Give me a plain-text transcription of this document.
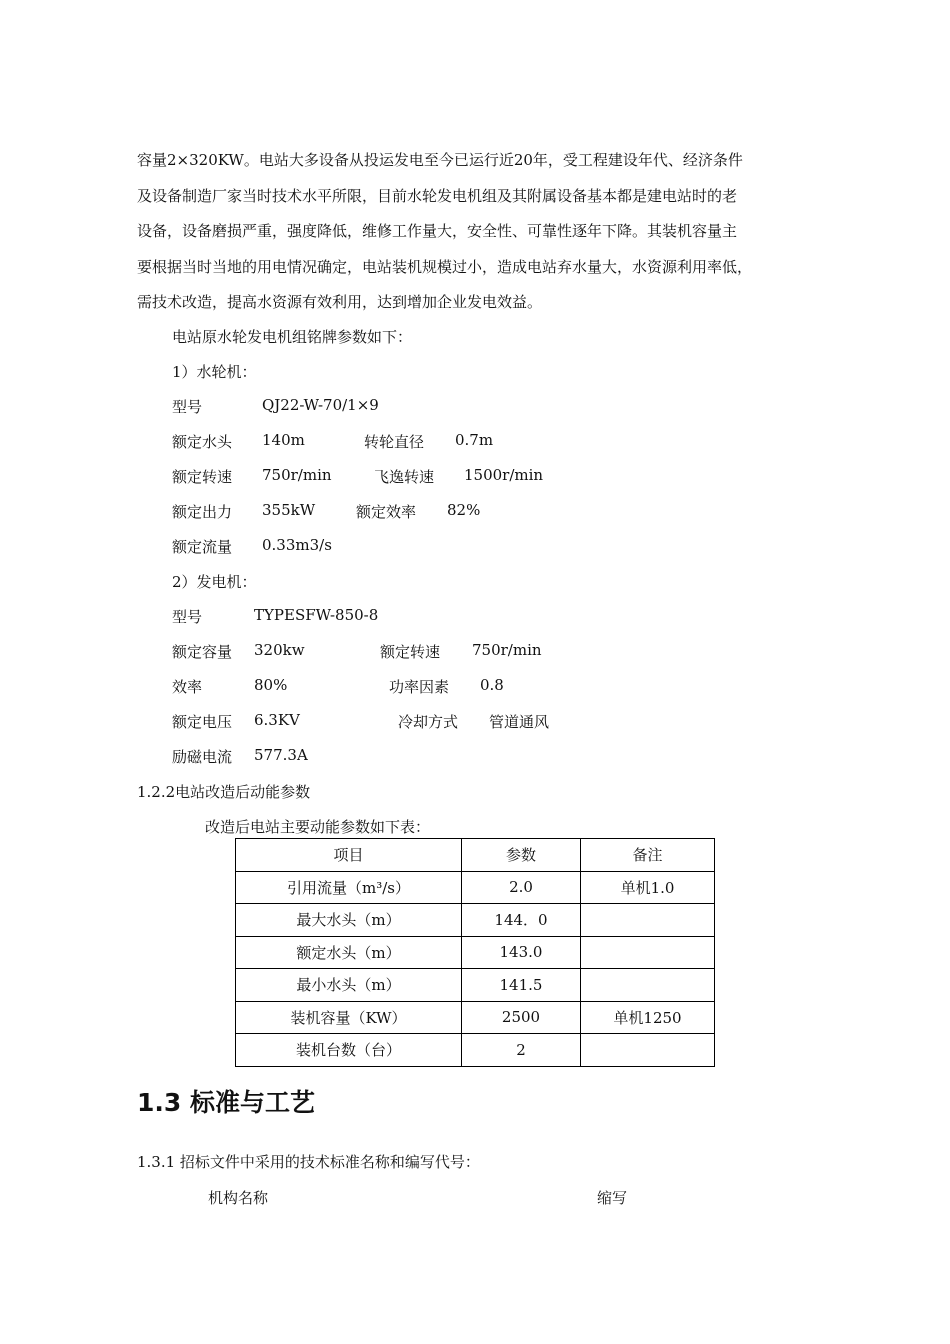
容量2×320KW。电站大多设备从投运发电至今已运行近20年，受工程建设年代、经济条件

及设备制造厂家当时技术水平所限，目前水轮发电机组及其附属设备基本都是建电站时的老

设备，设备磨损严重，强度降低，维修工作量大，安全性、可靠性逐年下降。其装机容量主

要根据当时当地的用电情况确定，电站装机规模过小，造成电站弃水量大，水资源利用率低，

需技术改造，提高水资源有效利用，达到增加企业发电效益。

电站原水轮发电机组铭牌参数如下：
1）水轮机：
型号	QJ22-W-70/1×9
额定水头 140m	转轮直径 0.7m
额定转速 750r/min	飞逸转速 1500r/min
额定出力 355kW	额定效率 82%
额定流量 0.33m3/s
2）发电机：
型号	TYPESFW-850-8
额定容量 320kw	额定转速 750r/min
效率	80%	功率因素 0.8
额定电压 6.3KV	冷却方式 管道通风
励磁电流 577.3A
1.2.2电站改造后动能参数
改造后电站主要动能参数如下表：
项目	参数	备注
引用流量（m³/s）	2.0	单机1.0
最大水头（m）	144．0	
额定水头（m）	143.0	
最小水头（m）	141.5	
装机容量（KW）	2500	单机1250
装机台数（台）	2	
1.3 标准与工艺
1.3.1 招标文件中采用的技术标准名称和编写代号：
机构名称	缩写
